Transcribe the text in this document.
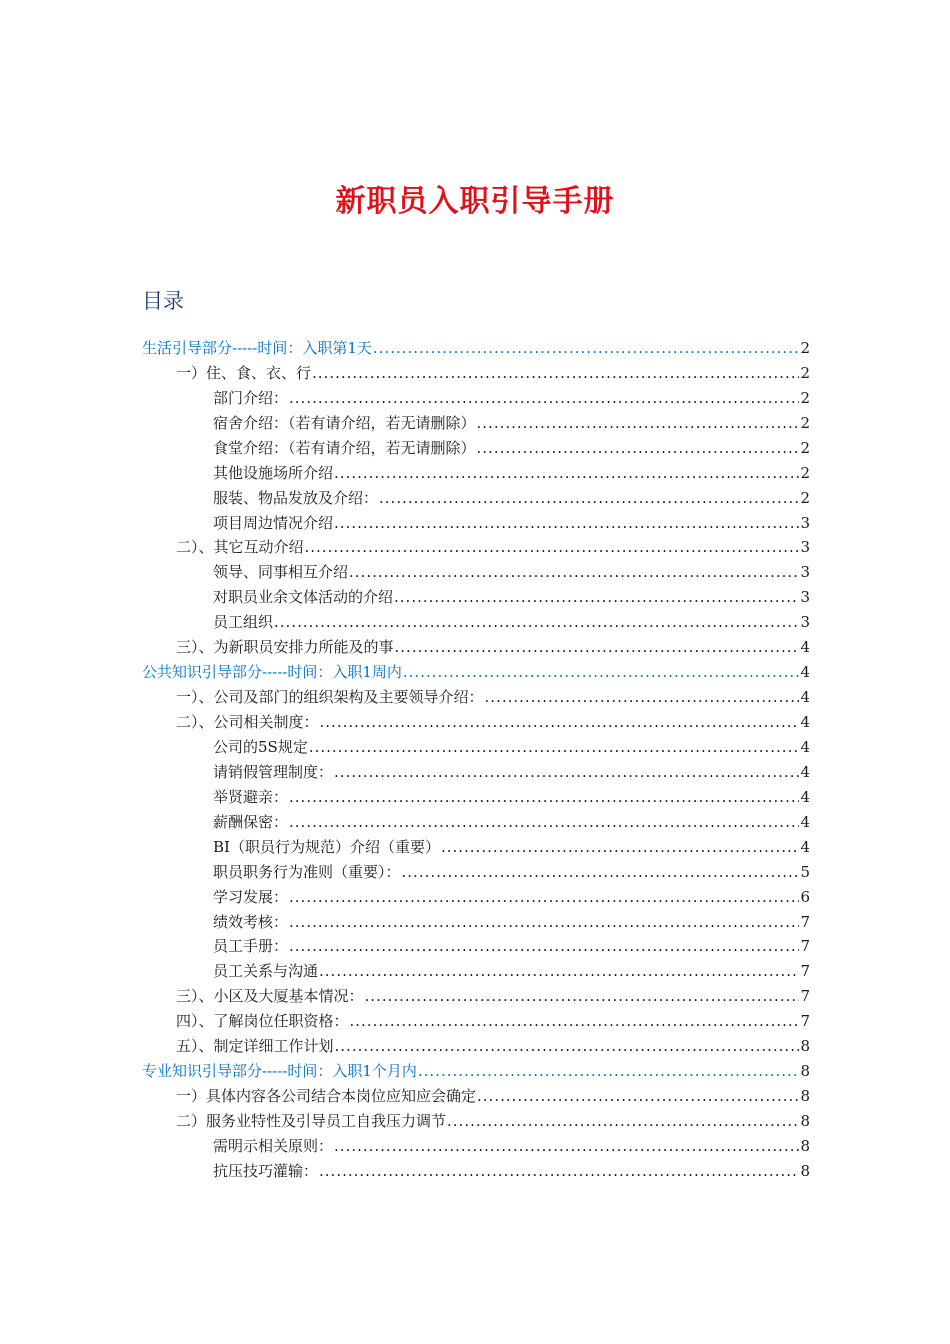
新职员入职引导手册
目录
生活引导部分-----时间：入职第1天 .....	2
一）住、食、衣、行 .....	2
部门介绍： .....	2
宿舍介绍：（若有请介绍，若无请删除） .....	2
食堂介绍：（若有请介绍，若无请删除） .....	2
其他设施场所介绍 .....	2
服装、物品发放及介绍： .....	2
项目周边情况介绍 .....	3
二）、其它互动介绍 .....	3
领导、同事相互介绍 .....	3
对职员业余文体活动的介绍 .....	3
员工组织 .....	3
三）、为新职员安排力所能及的事 .....	4
公共知识引导部分-----时间：入职1周内 .....	4
一）、公司及部门的组织架构及主要领导介绍： .....	4
二）、公司相关制度： .....	4
公司的5S规定 .....	4
请销假管理制度： .....	4
举贤避亲： .....	4
薪酬保密： .....	4
BI（职员行为规范）介绍（重要） .....	4
职员职务行为准则（重要）： .....	5
学习发展： .....	6
绩效考核： .....	7
员工手册： .....	7
员工关系与沟通 .....	7
三）、小区及大厦基本情况： .....	7
四）、了解岗位任职资格： .....	7
五）、制定详细工作计划 .....	8
专业知识引导部分-----时间：入职1个月内 .....	8
一）具体内容各公司结合本岗位应知应会确定 .....	8
二）服务业特性及引导员工自我压力调节 .....	8
需明示相关原则： .....	8
抗压技巧灌输： .....	8
